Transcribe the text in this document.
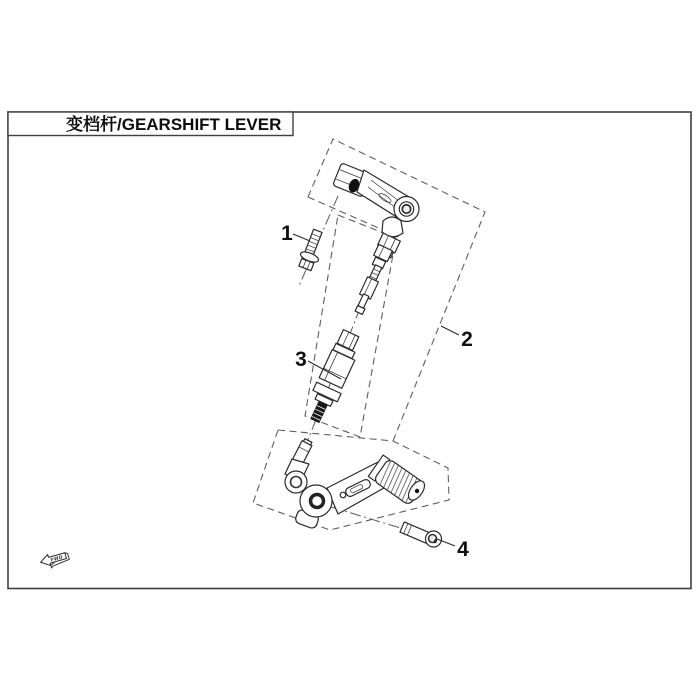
1
2
3
4
FWD
变档杆/GEARSHIFT LEVER
